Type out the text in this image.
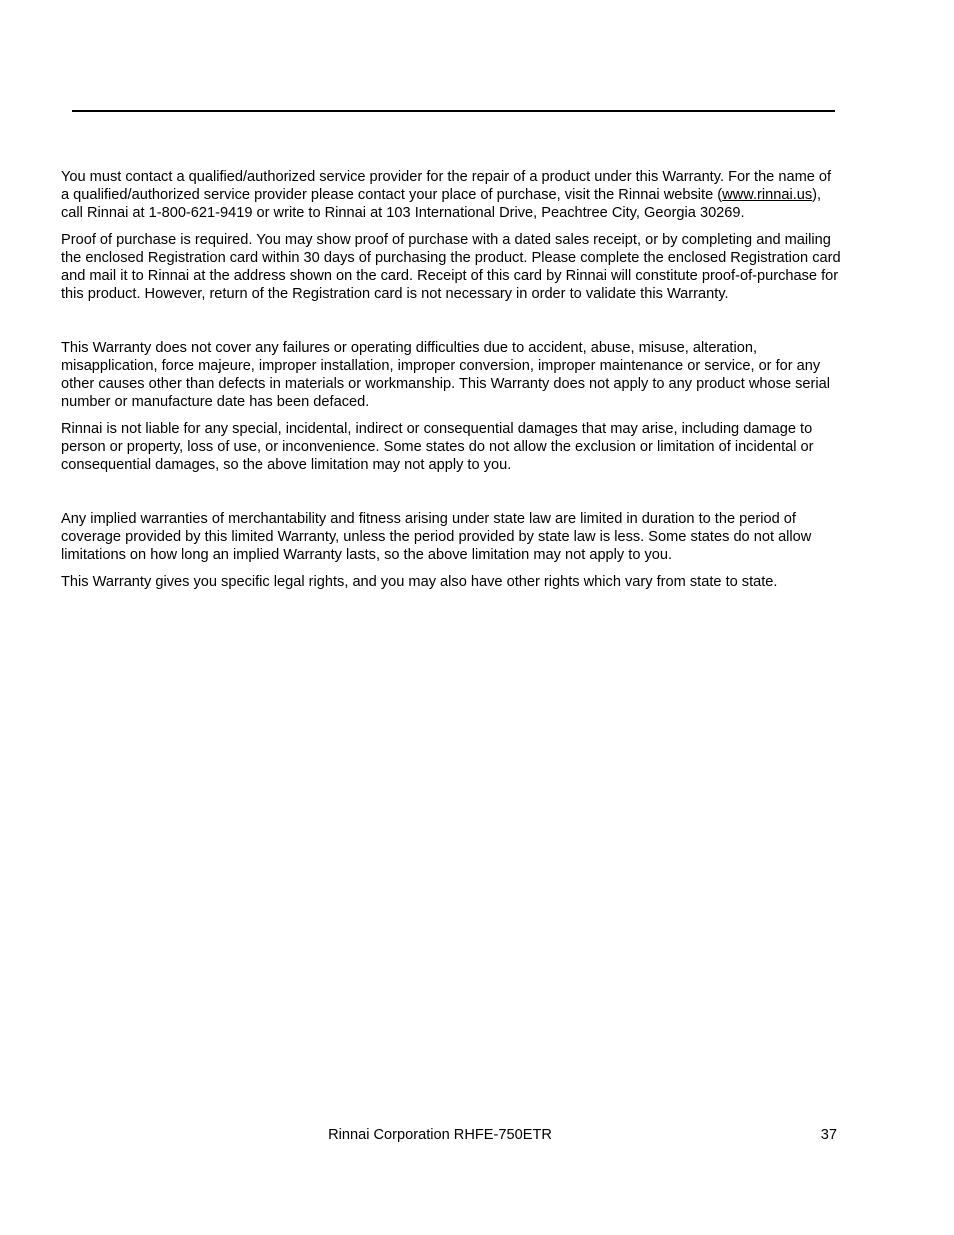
You must contact a qualified/authorized service provider for the repair of a product under this Warranty. For the name of a qualified/authorized service provider please contact your place of purchase, visit the Rinnai website (www.rinnai.us), call Rinnai at 1-800-621-9419 or write to Rinnai at 103 International Drive, Peachtree City, Georgia 30269.

Proof of purchase is required. You may show proof of purchase with a dated sales receipt, or by completing and mailing the enclosed Registration card within 30 days of purchasing the product. Please complete the enclosed Registration card and mail it to Rinnai at the address shown on the card. Receipt of this card by Rinnai will constitute proof-of-purchase for this product. However, return of the Registration card is not necessary in order to validate this Warranty.

This Warranty does not cover any failures or operating difficulties due to accident, abuse, misuse, alteration, misapplication, force majeure, improper installation, improper conversion, improper maintenance or service, or for any other causes other than defects in materials or workmanship. This Warranty does not apply to any product whose serial number or manufacture date has been defaced.

Rinnai is not liable for any special, incidental, indirect or consequential damages that may arise, including damage to person or property, loss of use, or inconvenience. Some states do not allow the exclusion or limitation of incidental or consequential damages, so the above limitation may not apply to you.

Any implied warranties of merchantability and fitness arising under state law are limited in duration to the period of coverage provided by this limited Warranty, unless the period provided by state law is less. Some states do not allow limitations on how long an implied Warranty lasts, so the above limitation may not apply to you.

This Warranty gives you specific legal rights, and you may also have other rights which vary from state to state.

Rinnai Corporation RHFE-750ETR	37
